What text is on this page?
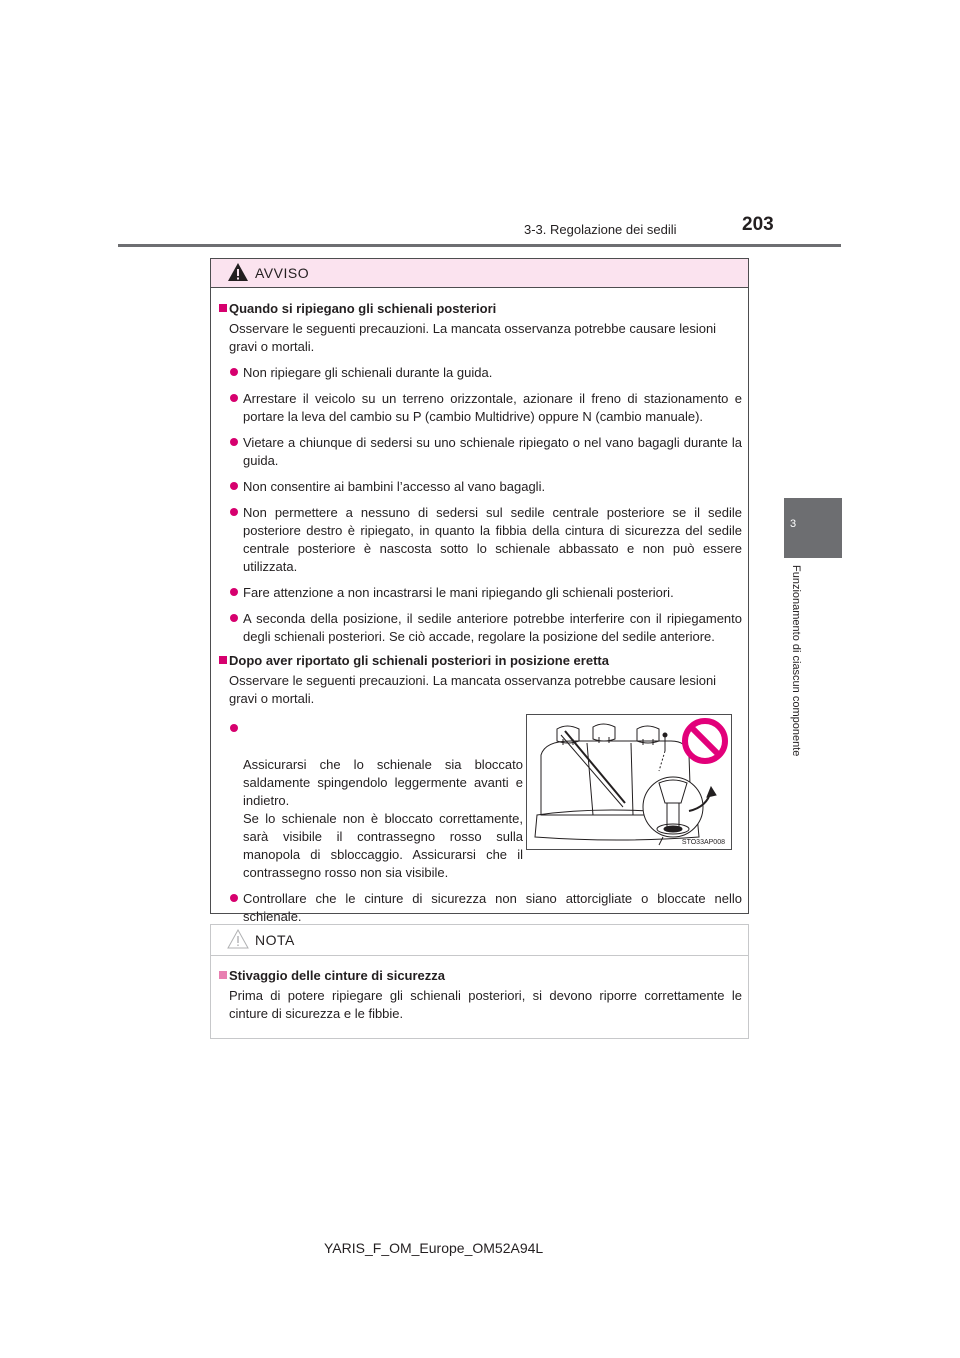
3-3. Regolazione dei sedili	203
3
Funzionamento di ciascun componente
AVVISO
Quando si ripiegano gli schienali posteriori
Osservare le seguenti precauzioni. La mancata osservanza potrebbe causare lesioni gravi o mortali.
Non ripiegare gli schienali durante la guida.
Arrestare il veicolo su un terreno orizzontale, azionare il freno di stazionamento e portare la leva del cambio su P (cambio Multidrive) oppure N (cambio manuale).
Vietare a chiunque di sedersi su uno schienale ripiegato o nel vano bagagli durante la guida.
Non consentire ai bambini l’accesso al vano bagagli.
Non permettere a nessuno di sedersi sul sedile centrale posteriore se il sedile posteriore destro è ripiegato, in quanto la fibbia della cintura di sicurezza del sedile centrale posteriore è nascosta sotto lo schienale abbassato e non può essere utilizzata.
Fare attenzione a non incastrarsi le mani ripiegando gli schienali posteriori.
A seconda della posizione, il sedile anteriore potrebbe interferire con il ripiegamento degli schienali posteriori. Se ciò accade, regolare la posizione del sedile anteriore.
Dopo aver riportato gli schienali posteriori in posizione eretta
Osservare le seguenti precauzioni. La mancata osservanza potrebbe causare lesioni gravi o mortali.

Assicurarsi che lo schienale sia bloccato saldamente spingendolo leggermente avanti e indietro.
Se lo schienale non è bloccato correttamente, sarà visibile il contrassegno rosso sulla manopola di sbloccaggio. Assicurarsi che il contrassegno rosso non sia visibile.

Controllare che le cinture di sicurezza non siano attorcigliate o bloccate nello schienale.
STO33AP008
NOTA
Stivaggio delle cinture di sicurezza
Prima di potere ripiegare gli schienali posteriori, si devono riporre correttamente le cinture di sicurezza e le fibbie.
YARIS_F_OM_Europe_OM52A94L
